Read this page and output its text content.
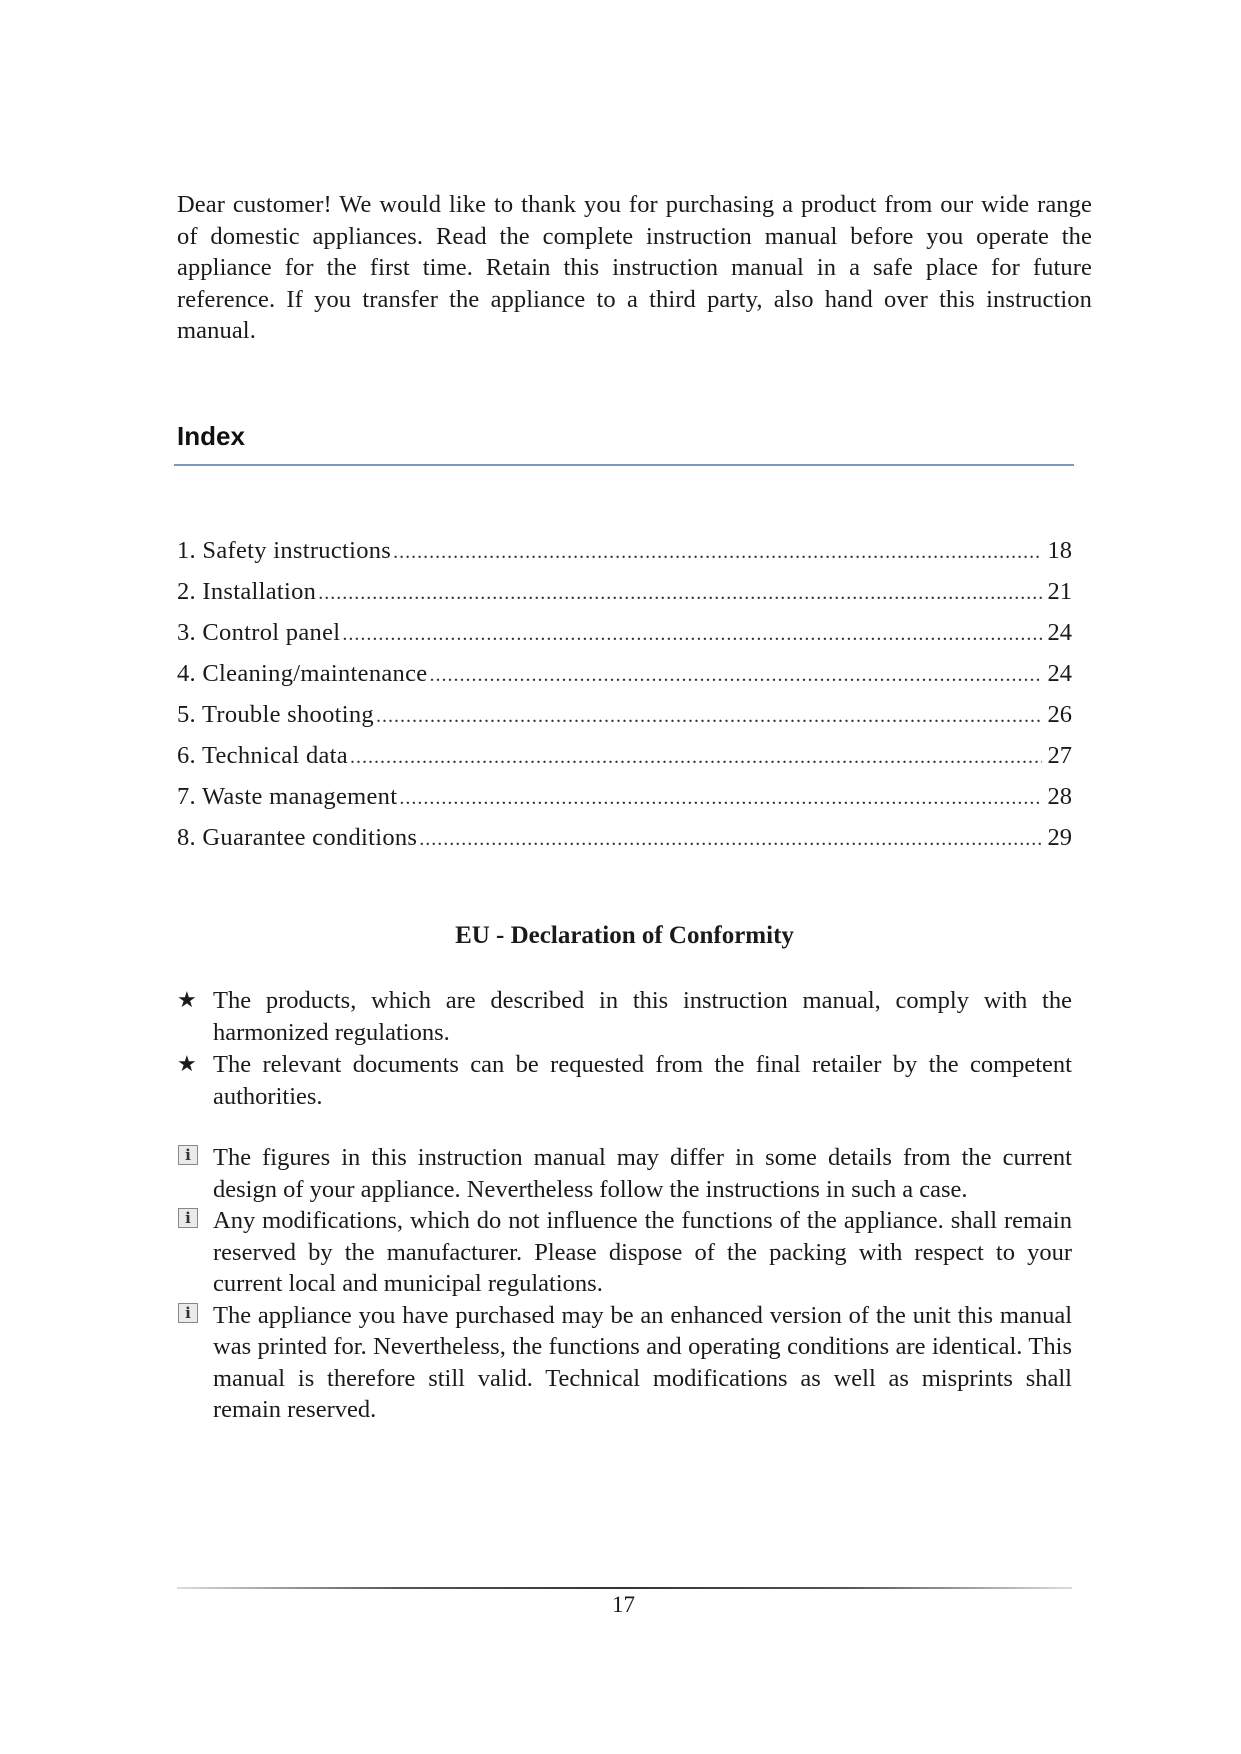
Dear customer! We would like to thank you for purchasing a product from our wide range of domestic appliances. Read the complete instruction manual before you operate the appliance for the first time. Retain this instruction manual in a safe place for future reference. If you transfer the appliance to a third party, also hand over this instruction manual.

Index
1. Safety instructions .....	18
2. Installation .....	21
3. Control panel .....	24
4. Cleaning/maintenance .....	24
5. Trouble shooting .....	26
6. Technical data .....	27
7. Waste management .....	28
8. Guarantee conditions .....	29
EU - Declaration of Conformity
★ The products, which are described in this instruction manual, comply with the harmonized regulations.
★ The relevant documents can be requested from the final retailer by the competent authorities.
i The figures in this instruction manual may differ in some details from the current design of your appliance. Nevertheless follow the instructions in such a case.
i Any modifications, which do not influence the functions of the appliance. shall remain reserved by the manufacturer. Please dispose of the packing with respect to your current local and municipal regulations.
i The appliance you have purchased may be an enhanced version of the unit this manual was printed for. Nevertheless, the functions and operating conditions are identical. This manual is therefore still valid. Technical modifications as well as misprints shall remain reserved.
17
